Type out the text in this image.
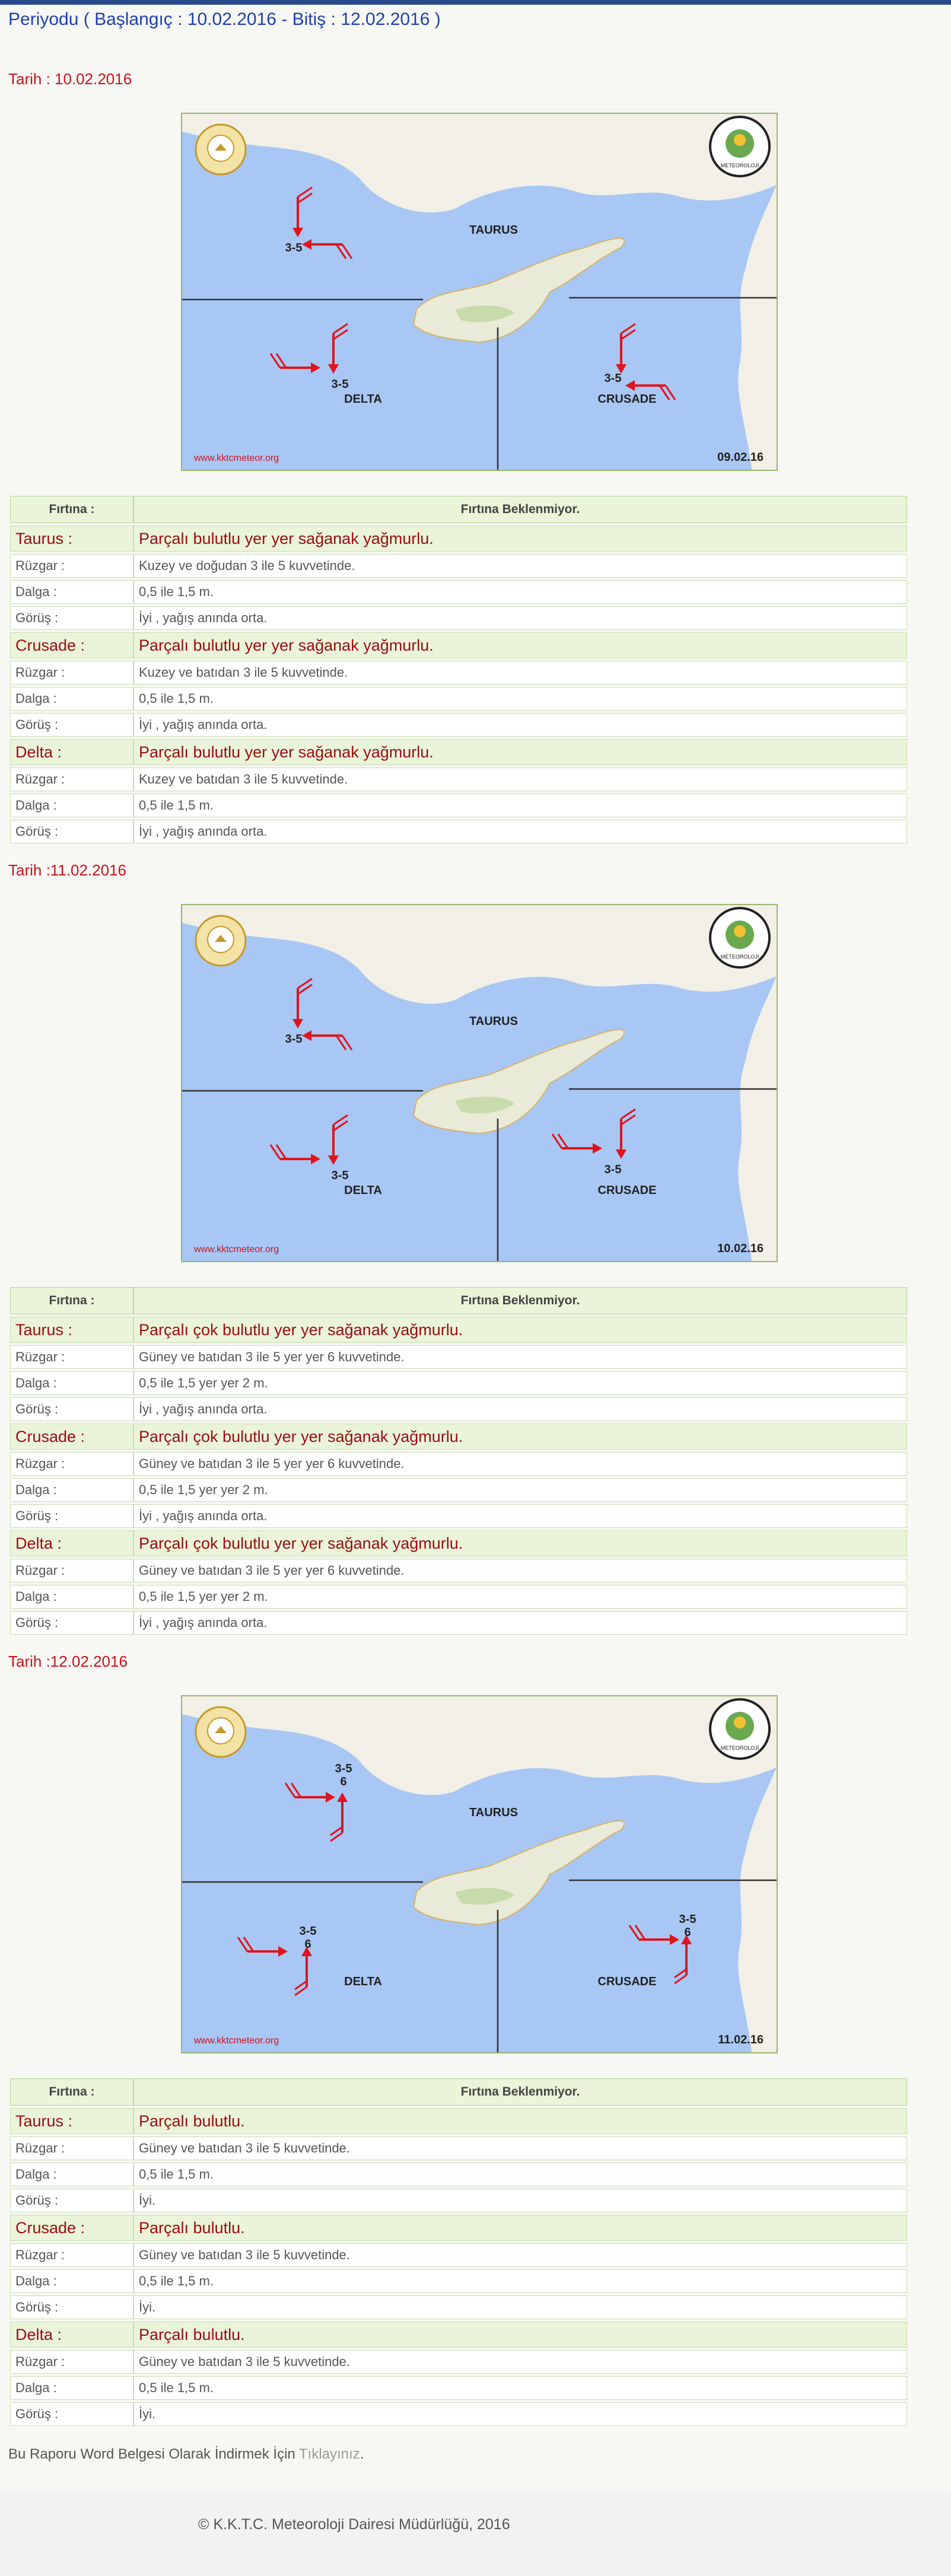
Periyodu ( Başlangıç : 10.02.2016 - Bitiş : 12.02.2016 )
Tarih : 10.02.2016
METEOROLOJİ
TAURUS
DELTA	CRUSADE
3-5
3-5	3-5
www.kktcmeteor.org	09.02.16
Fırtına :	Fırtına Beklenmiyor.
Taurus :	Parçalı bulutlu yer yer sağanak yağmurlu.
Rüzgar :	Kuzey ve doğudan 3 ile 5 kuvvetinde.
Dalga :	0,5 ile 1,5 m.
Görüş :	İyi , yağış anında orta.
Crusade :	Parçalı bulutlu yer yer sağanak yağmurlu.
Rüzgar :	Kuzey ve batıdan 3 ile 5 kuvvetinde.
Dalga :	0,5 ile 1,5 m.
Görüş :	İyi , yağış anında orta.
Delta :	Parçalı bulutlu yer yer sağanak yağmurlu.
Rüzgar :	Kuzey ve batıdan 3 ile 5 kuvvetinde.
Dalga :	0,5 ile 1,5 m.
Görüş :	İyi , yağış anında orta.
Tarih :11.02.2016
METEOROLOJİ
TAURUS
DELTA	CRUSADE
3-5
3-5	3-5
www.kktcmeteor.org	10.02.16
Fırtına :	Fırtına Beklenmiyor.
Taurus :	Parçalı çok bulutlu yer yer sağanak yağmurlu.
Rüzgar :	Güney ve batıdan 3 ile 5 yer yer 6 kuvvetinde.
Dalga :	0,5 ile 1,5 yer yer 2 m.
Görüş :	İyi , yağış anında orta.
Crusade :	Parçalı çok bulutlu yer yer sağanak yağmurlu.
Rüzgar :	Güney ve batıdan 3 ile 5 yer yer 6 kuvvetinde.
Dalga :	0,5 ile 1,5 yer yer 2 m.
Görüş :	İyi , yağış anında orta.
Delta :	Parçalı çok bulutlu yer yer sağanak yağmurlu.
Rüzgar :	Güney ve batıdan 3 ile 5 yer yer 6 kuvvetinde.
Dalga :	0,5 ile 1,5 yer yer 2 m.
Görüş :	İyi , yağış anında orta.
Tarih :12.02.2016
METEOROLOJİ
TAURUS
DELTA	CRUSADE
3-5
6
3-5
6
3-5
6
www.kktcmeteor.org	11.02.16
Fırtına :	Fırtına Beklenmiyor.
Taurus :	Parçalı bulutlu.
Rüzgar :	Güney ve batıdan 3 ile 5 kuvvetinde.
Dalga :	0,5 ile 1,5 m.
Görüş :	İyi.
Crusade :	Parçalı bulutlu.
Rüzgar :	Güney ve batıdan 3 ile 5 kuvvetinde.
Dalga :	0,5 ile 1,5 m.
Görüş :	İyi.
Delta :	Parçalı bulutlu.
Rüzgar :	Güney ve batıdan 3 ile 5 kuvvetinde.
Dalga :	0,5 ile 1,5 m.
Görüş :	İyi.
Bu Raporu Word Belgesi Olarak İndirmek İçin Tıklayınız.
© K.K.T.C. Meteoroloji Dairesi Müdürlüğü, 2016
